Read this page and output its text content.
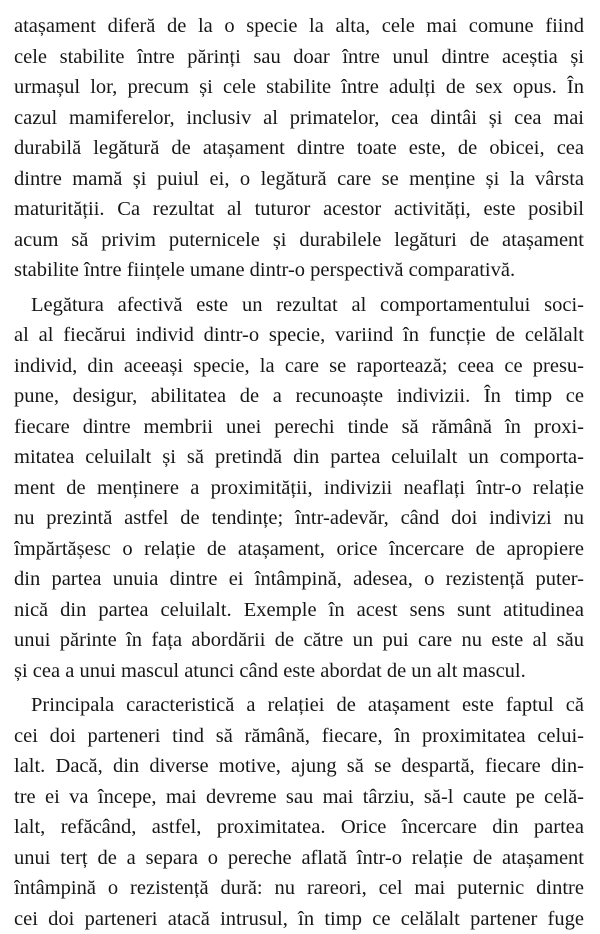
atașament diferă de la o specie la alta, cele mai comune fiind
cele stabilite între părinți sau doar între unul dintre aceștia și
urmașul lor, precum și cele stabilite între adulți de sex opus. În
cazul mamiferelor, inclusiv al primatelor, cea dintâi și cea mai
durabilă legătură de atașament dintre toate este, de obicei, cea
dintre mamă și puiul ei, o legătură care se menține și la vârsta
maturității. Ca rezultat al tuturor acestor activități, este posibil
acum să privim puternicele și durabilele legături de atașament
stabilite între ființele umane dintr-o perspectivă comparativă.
Legătura afectivă este un rezultat al comportamentului soci-
al al fiecărui individ dintr-o specie, variind în funcție de celălalt
individ, din aceeași specie, la care se raportează; ceea ce presu-
pune, desigur, abilitatea de a recunoaște indivizii. În timp ce
fiecare dintre membrii unei perechi tinde să rămână în proxi-
mitatea celuilalt și să pretindă din partea celuilalt un comporta-
ment de menținere a proximității, indivizii neaflați într-o relație
nu prezintă astfel de tendințe; într-adevăr, când doi indivizi nu
împărtășesc o relație de atașament, orice încercare de apropiere
din partea unuia dintre ei întâmpină, adesea, o rezistență puter-
nică din partea celuilalt. Exemple în acest sens sunt atitudinea
unui părinte în fața abordării de către un pui care nu este al său
și cea a unui mascul atunci când este abordat de un alt mascul.
Principala caracteristică a relației de atașament este faptul că
cei doi parteneri tind să rămână, fiecare, în proximitatea celui-
lalt. Dacă, din diverse motive, ajung să se despartă, fiecare din-
tre ei va începe, mai devreme sau mai târziu, să-l caute pe celă-
lalt, refăcând, astfel, proximitatea. Orice încercare din partea
unui terț de a separa o pereche aflată într-o relație de atașament
întâmpină o rezistență dură: nu rareori, cel mai puternic dintre
cei doi parteneri atacă intrusul, în timp ce celălalt partener fuge
